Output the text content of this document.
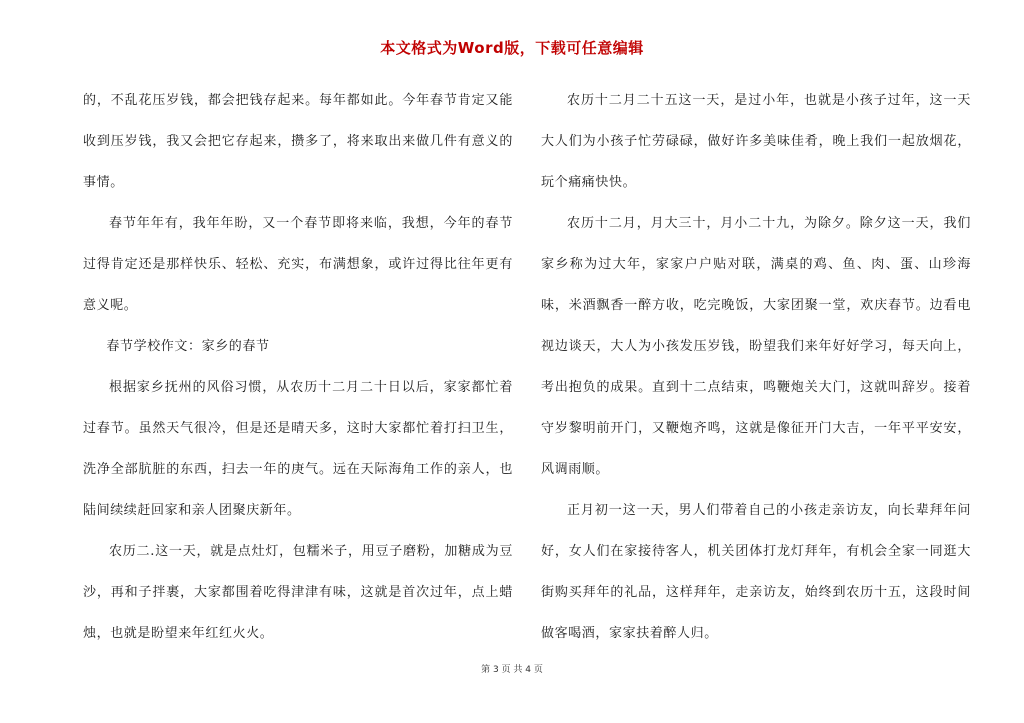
本文格式为Word版，下载可任意编辑

的，不乱花压岁钱，都会把钱存起来。每年都如此。今年春节肯定又能收到压岁钱，我又会把它存起来，攒多了，将来取出来做几件有意义的事情。

春节年年有，我年年盼，又一个春节即将来临，我想，今年的春节过得肯定还是那样快乐、轻松、充实，布满想象，或许过得比往年更有意义呢。

春节学校作文：家乡的春节

根据家乡抚州的风俗习惯，从农历十二月二十日以后，家家都忙着过春节。虽然天气很冷，但是还是晴天多，这时大家都忙着打扫卫生，洗净全部肮脏的东西，扫去一年的庚气。远在天际海角工作的亲人，也陆间续续赶回家和亲人团聚庆新年。

农历二.这一天，就是点灶灯，包糯米子，用豆子磨粉，加糖成为豆沙，再和子拌裹，大家都围着吃得津津有味，这就是首次过年，点上蜡烛，也就是盼望来年红红火火。

农历十二月二十五这一天，是过小年，也就是小孩子过年，这一天大人们为小孩子忙劳碌碌，做好许多美味佳肴，晚上我们一起放烟花，玩个痛痛快快。

农历十二月，月大三十，月小二十九，为除夕。除夕这一天，我们家乡称为过大年，家家户户贴对联，满桌的鸡、鱼、肉、蛋、山珍海味，米酒飘香一醉方收，吃完晚饭，大家团聚一堂，欢庆春节。边看电视边谈天，大人为小孩发压岁钱，盼望我们来年好好学习，每天向上，考出抱负的成果。直到十二点结束，鸣鞭炮关大门，这就叫辞岁。接着守岁黎明前开门，又鞭炮齐鸣，这就是像征开门大吉，一年平平安安，风调雨顺。

正月初一这一天，男人们带着自己的小孩走亲访友，向长辈拜年问好，女人们在家接待客人，机关团体打龙灯拜年，有机会全家一同逛大街购买拜年的礼品，这样拜年，走亲访友，始终到农历十五，这段时间做客喝酒，家家扶着醉人归。

第 3 页 共 4 页
